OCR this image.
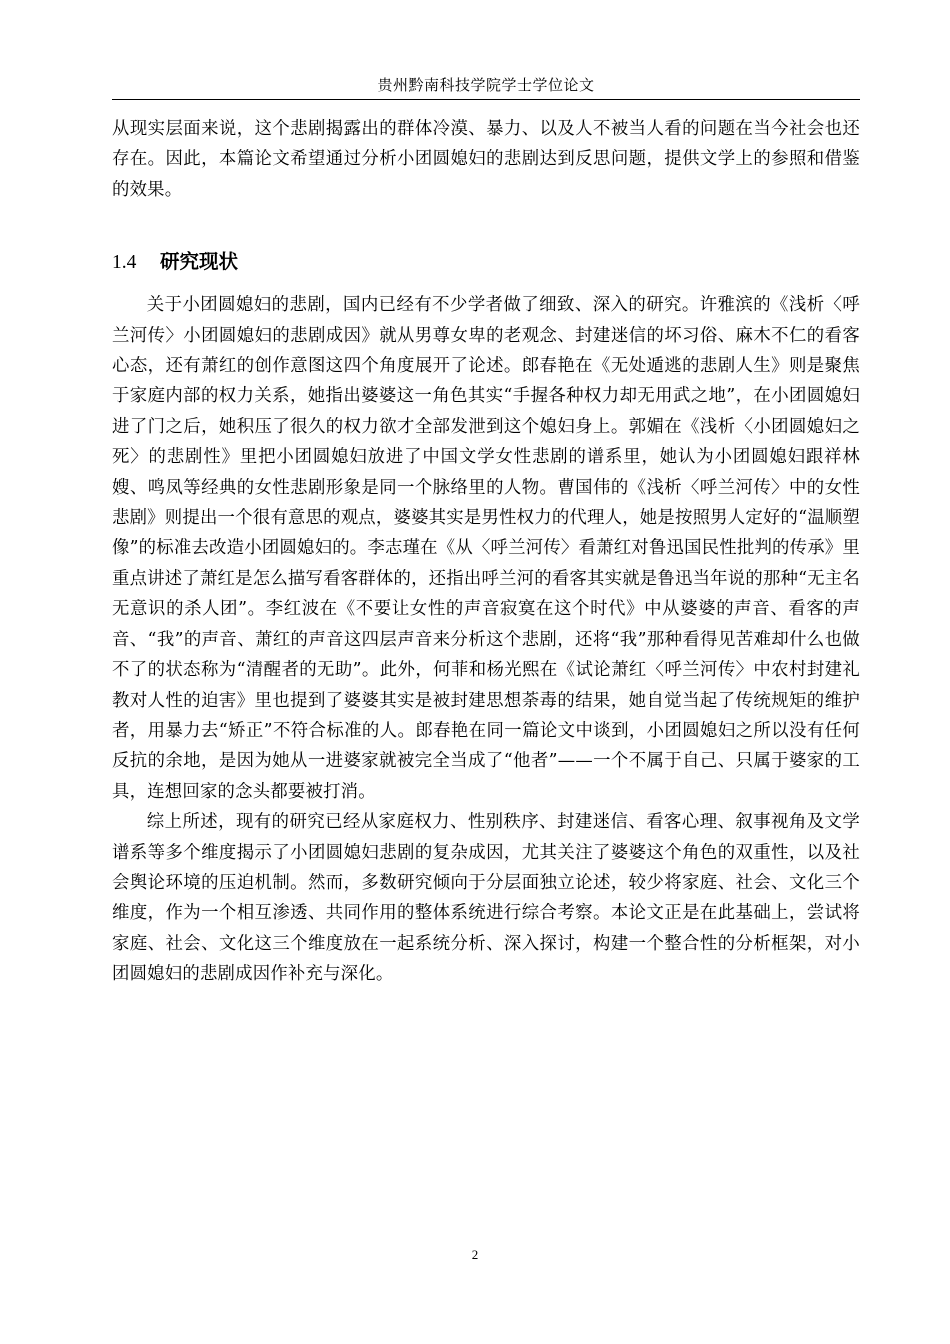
贵州黔南科技学院学士学位论文

从现实层面来说，这个悲剧揭露出的群体冷漠、暴力、以及人不被当人看的问题在当今社会也还存在。因此，本篇论文希望通过分析小团圆媳妇的悲剧达到反思问题，提供文学上的参照和借鉴的效果。

1.4	研究现状

关于小团圆媳妇的悲剧，国内已经有不少学者做了细致、深入的研究。许雅滨的《浅析〈呼兰河传〉小团圆媳妇的悲剧成因》就从男尊女卑的老观念、封建迷信的坏习俗、麻木不仁的看客心态，还有萧红的创作意图这四个角度展开了论述。郎春艳在《无处遁逃的悲剧人生》则是聚焦于家庭内部的权力关系，她指出婆婆这一角色其实“手握各种权力却无用武之地”，在小团圆媳妇进了门之后，她积压了很久的权力欲才全部发泄到这个媳妇身上。郭媚在《浅析〈小团圆媳妇之死〉的悲剧性》里把小团圆媳妇放进了中国文学女性悲剧的谱系里，她认为小团圆媳妇跟祥林嫂、鸣凤等经典的女性悲剧形象是同一个脉络里的人物。曹国伟的《浅析〈呼兰河传〉中的女性悲剧》则提出一个很有意思的观点，婆婆其实是男性权力的代理人，她是按照男人定好的“温顺塑像”的标准去改造小团圆媳妇的。李志瑾在《从〈呼兰河传〉看萧红对鲁迅国民性批判的传承》里重点讲述了萧红是怎么描写看客群体的，还指出呼兰河的看客其实就是鲁迅当年说的那种“无主名无意识的杀人团”。李红波在《不要让女性的声音寂寞在这个时代》中从婆婆的声音、看客的声音、“我”的声音、萧红的声音这四层声音来分析这个悲剧，还将“我”那种看得见苦难却什么也做不了的状态称为“清醒者的无助”。此外，何菲和杨光熙在《试论萧红〈呼兰河传〉中农村封建礼教对人性的迫害》里也提到了婆婆其实是被封建思想荼毒的结果，她自觉当起了传统规矩的维护者，用暴力去“矫正”不符合标准的人。郎春艳在同一篇论文中谈到，小团圆媳妇之所以没有任何反抗的余地，是因为她从一进婆家就被完全当成了“他者”——一个不属于自己、只属于婆家的工具，连想回家的念头都要被打消。

综上所述，现有的研究已经从家庭权力、性别秩序、封建迷信、看客心理、叙事视角及文学谱系等多个维度揭示了小团圆媳妇悲剧的复杂成因，尤其关注了婆婆这个角色的双重性，以及社会舆论环境的压迫机制。然而，多数研究倾向于分层面独立论述，较少将家庭、社会、文化三个维度，作为一个相互渗透、共同作用的整体系统进行综合考察。本论文正是在此基础上，尝试将家庭、社会、文化这三个维度放在一起系统分析、深入探讨，构建一个整合性的分析框架，对小团圆媳妇的悲剧成因作补充与深化。

2
